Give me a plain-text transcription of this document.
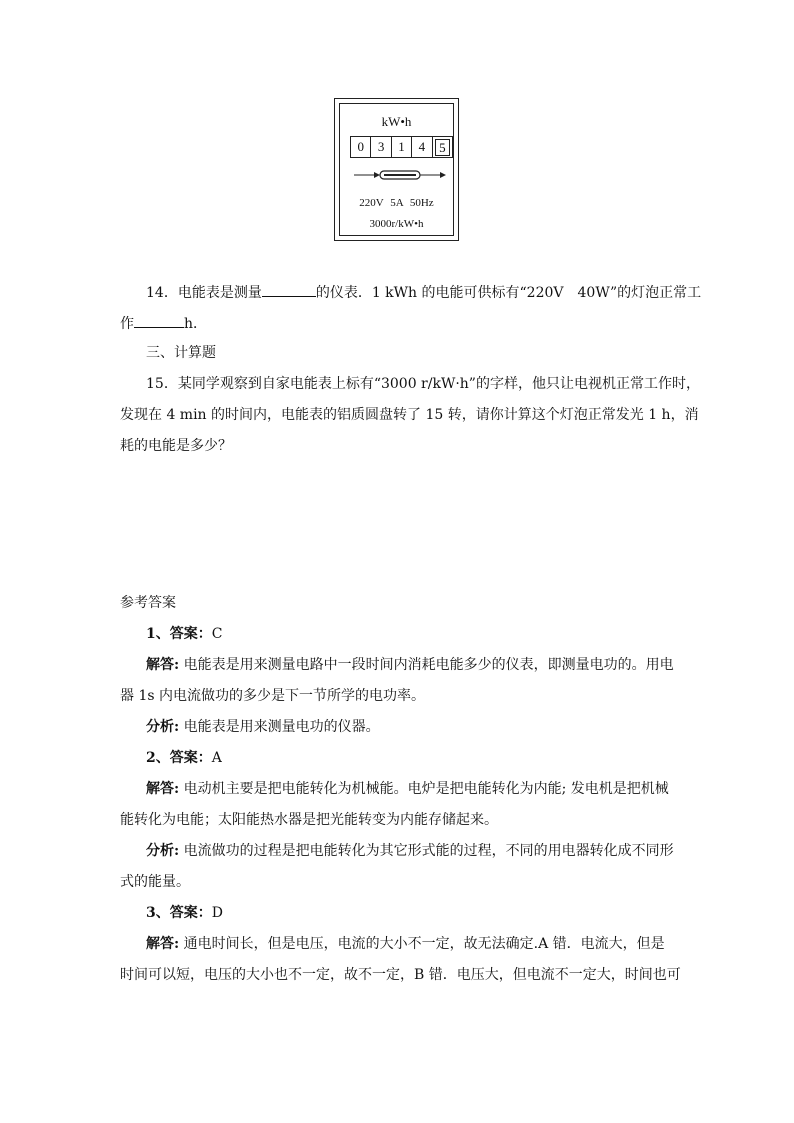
kW•h
0	3	1	4	5
220V 5A 50Hz
3000r/kW•h
14．电能表是测量	的仪表．1 kWh 的电能可供标有“220V　40W”的灯泡正常工
作	h．
三、计算题
15．某同学观察到自家电能表上标有“3000 r/kW·h”的字样，他只让电视机正常工作时，
发现在 4 min 的时间内，电能表的铝质圆盘转了 15 转，请你计算这个灯泡正常发光 1 h，消
耗的电能是多少？
参考答案
1、答案：C
解答: 电能表是用来测量电路中一段时间内消耗电能多少的仪表，即测量电功的。用电
器 1s 内电流做功的多少是下一节所学的电功率。
分析: 电能表是用来测量电功的仪器。
2、答案：A
解答: 电动机主要是把电能转化为机械能。电炉是把电能转化为内能; 发电机是把机械
能转化为电能；太阳能热水器是把光能转变为内能存储起来。
分析: 电流做功的过程是把电能转化为其它形式能的过程，不同的用电器转化成不同形
式的能量。
3、答案：D
解答: 通电时间长，但是电压，电流的大小不一定，故无法确定.A 错．电流大，但是
时间可以短，电压的大小也不一定，故不一定，B 错．电压大，但电流不一定大，时间也可
